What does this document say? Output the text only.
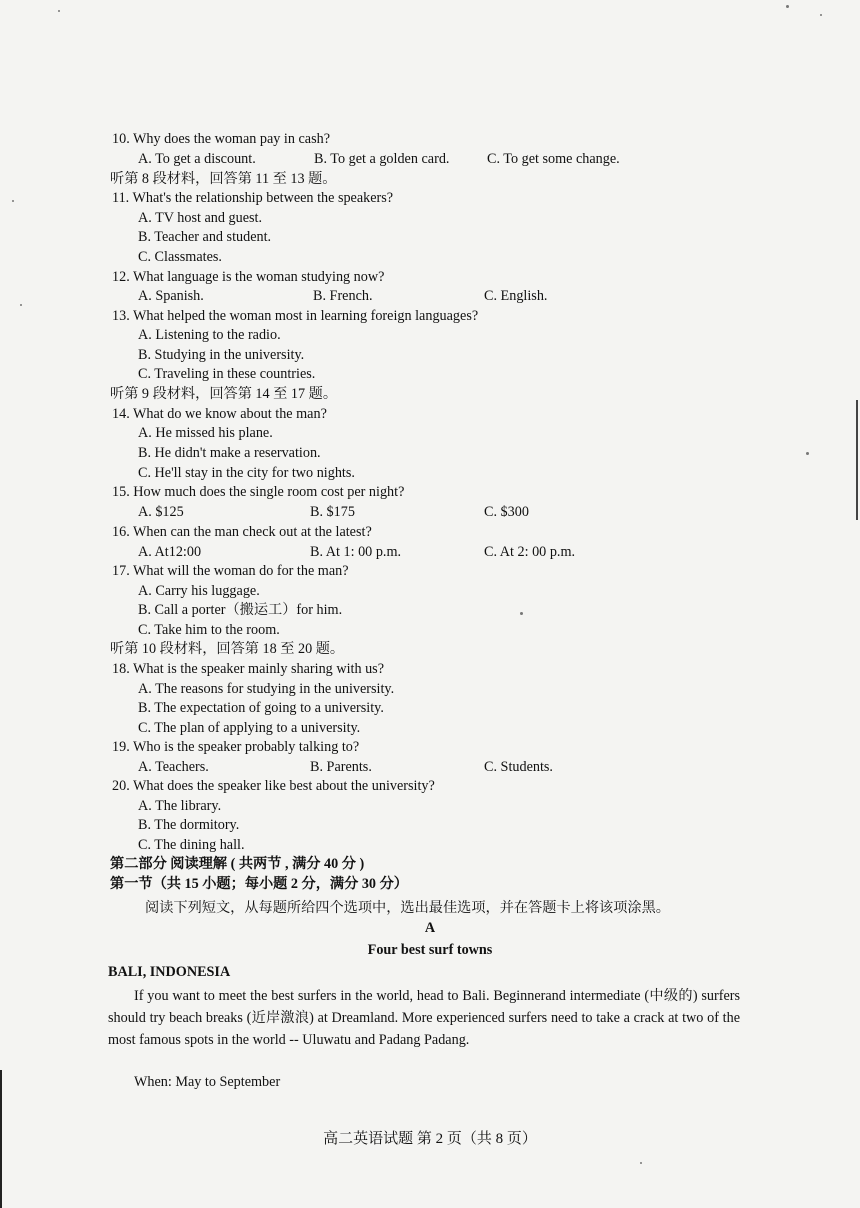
10. Why does the woman pay in cash?
A. To get a discount.	B. To get a golden card.	C. To get some change.
听第 8 段材料，回答第 11 至 13 题。
11. What's the relationship between the speakers?
A. TV host and guest.
B. Teacher and student.
C. Classmates.
12. What language is the woman studying now?
A. Spanish.	B. French.	C. English.
13. What helped the woman most in learning foreign languages?
A. Listening to the radio.
B. Studying in the university.
C. Traveling in these countries.
听第 9 段材料，回答第 14 至 17 题。
14. What do we know about the man?
A. He missed his plane.
B. He didn't make a reservation.
C. He'll stay in the city for two nights.
15. How much does the single room cost per night?
A. $125	B. $175	C. $300
16. When can the man check out at the latest?
A. At12:00	B. At 1: 00 p.m.	C. At 2: 00 p.m.
17. What will the woman do for the man?
A. Carry his luggage.
B. Call a porter（搬运工）for him.
C. Take him to the room.
听第 10 段材料，回答第 18 至 20 题。
18. What is the speaker mainly sharing with us?
A. The reasons for studying in the university.
B. The expectation of going to a university.
C. The plan of applying to a university.
19. Who is the speaker probably talking to?
A. Teachers.	B. Parents.	C. Students.
20. What does the speaker like best about the university?
A. The library.
B. The dormitory.
C. The dining hall.
第二部分 阅读理解 ( 共两节 , 满分 40 分 )
第一节（共 15 小题；每小题 2 分，满分 30 分）
阅读下列短文，从每题所给四个选项中，选出最佳选项，并在答题卡上将该项涂黑。
A
Four best surf towns
BALI, INDONESIA

If you want to meet the best surfers in the world, head to Bali. Beginnerand intermediate (中级的) surfers should try beach breaks (近岸激浪) at Dreamland. More experienced surfers need to take a crack at two of the most famous spots in the world -- Uluwatu and Padang Padang.

When: May to September
高二英语试题 第 2 页（共 8 页）
